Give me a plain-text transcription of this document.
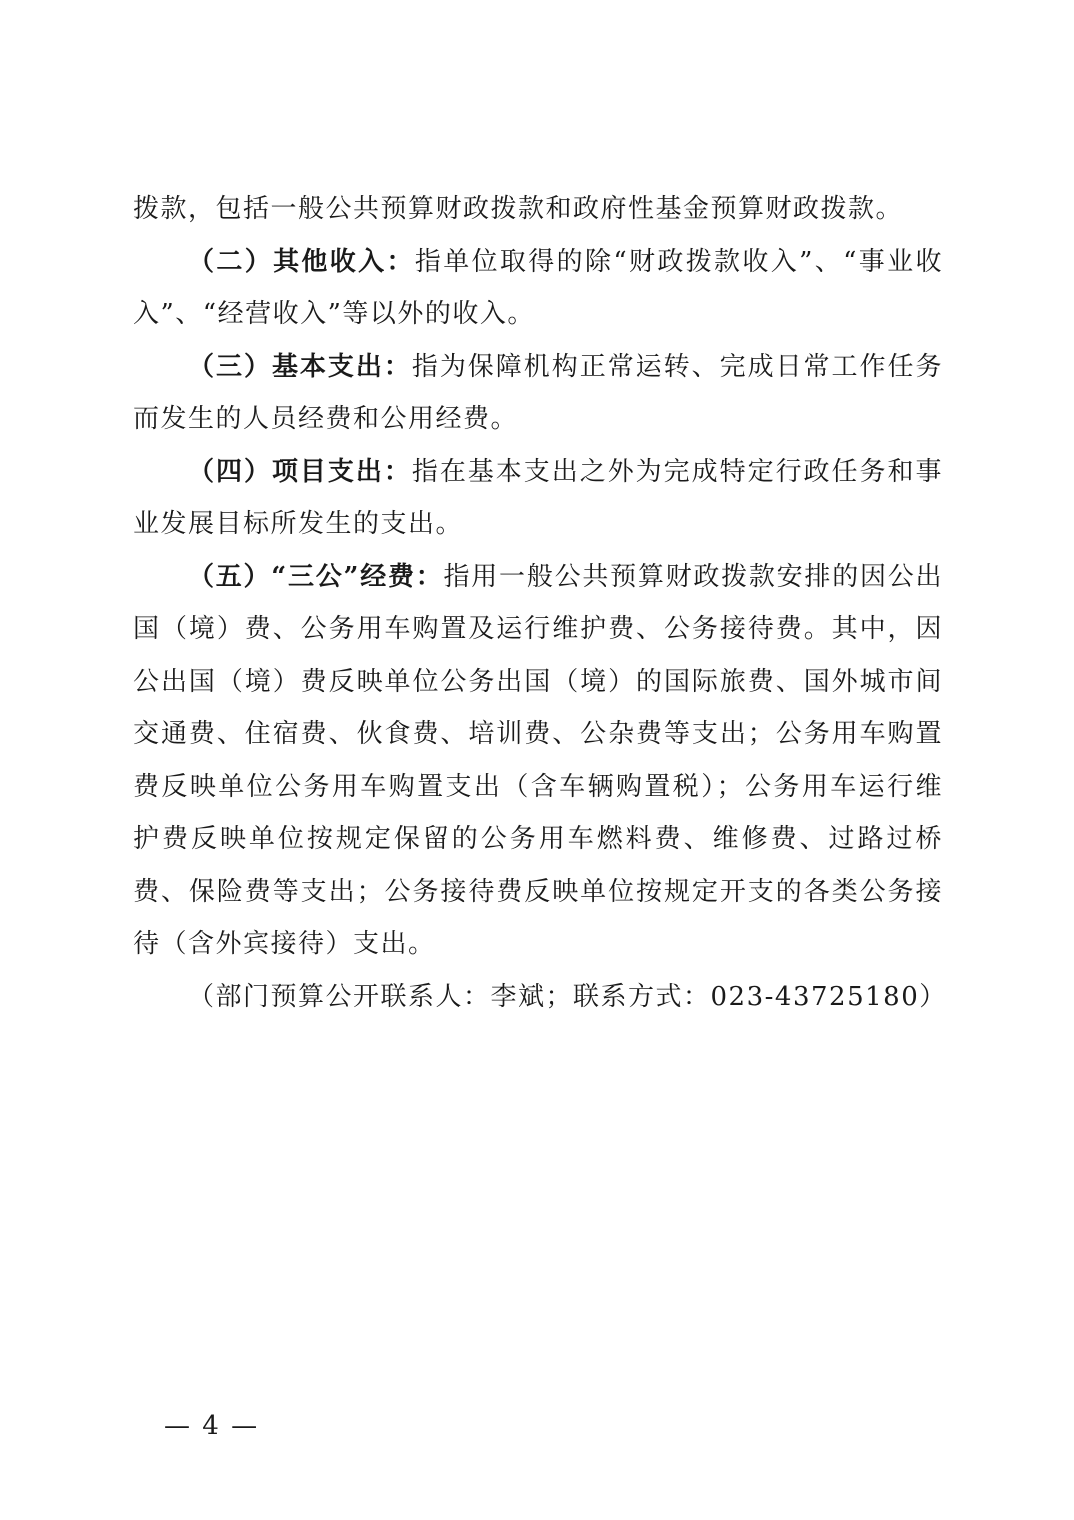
拨款，包括一般公共预算财政拨款和政府性基金预算财政拨款。

（二）其他收入：指单位取得的除“财政拨款收入”、“事业收入”、“经营收入”等以外的收入。

（三）基本支出：指为保障机构正常运转、完成日常工作任务而发生的人员经费和公用经费。

（四）项目支出：指在基本支出之外为完成特定行政任务和事业发展目标所发生的支出。

（五）“三公”经费：指用一般公共预算财政拨款安排的因公出国（境）费、公务用车购置及运行维护费、公务接待费。其中，因公出国（境）费反映单位公务出国（境）的国际旅费、国外城市间交通费、住宿费、伙食费、培训费、公杂费等支出；公务用车购置费反映单位公务用车购置支出（含车辆购置税）；公务用车运行维护费反映单位按规定保留的公务用车燃料费、维修费、过路过桥费、保险费等支出；公务接待费反映单位按规定开支的各类公务接待（含外宾接待）支出。

（部门预算公开联系人：李斌；联系方式：023-43725180）

— 4 —
